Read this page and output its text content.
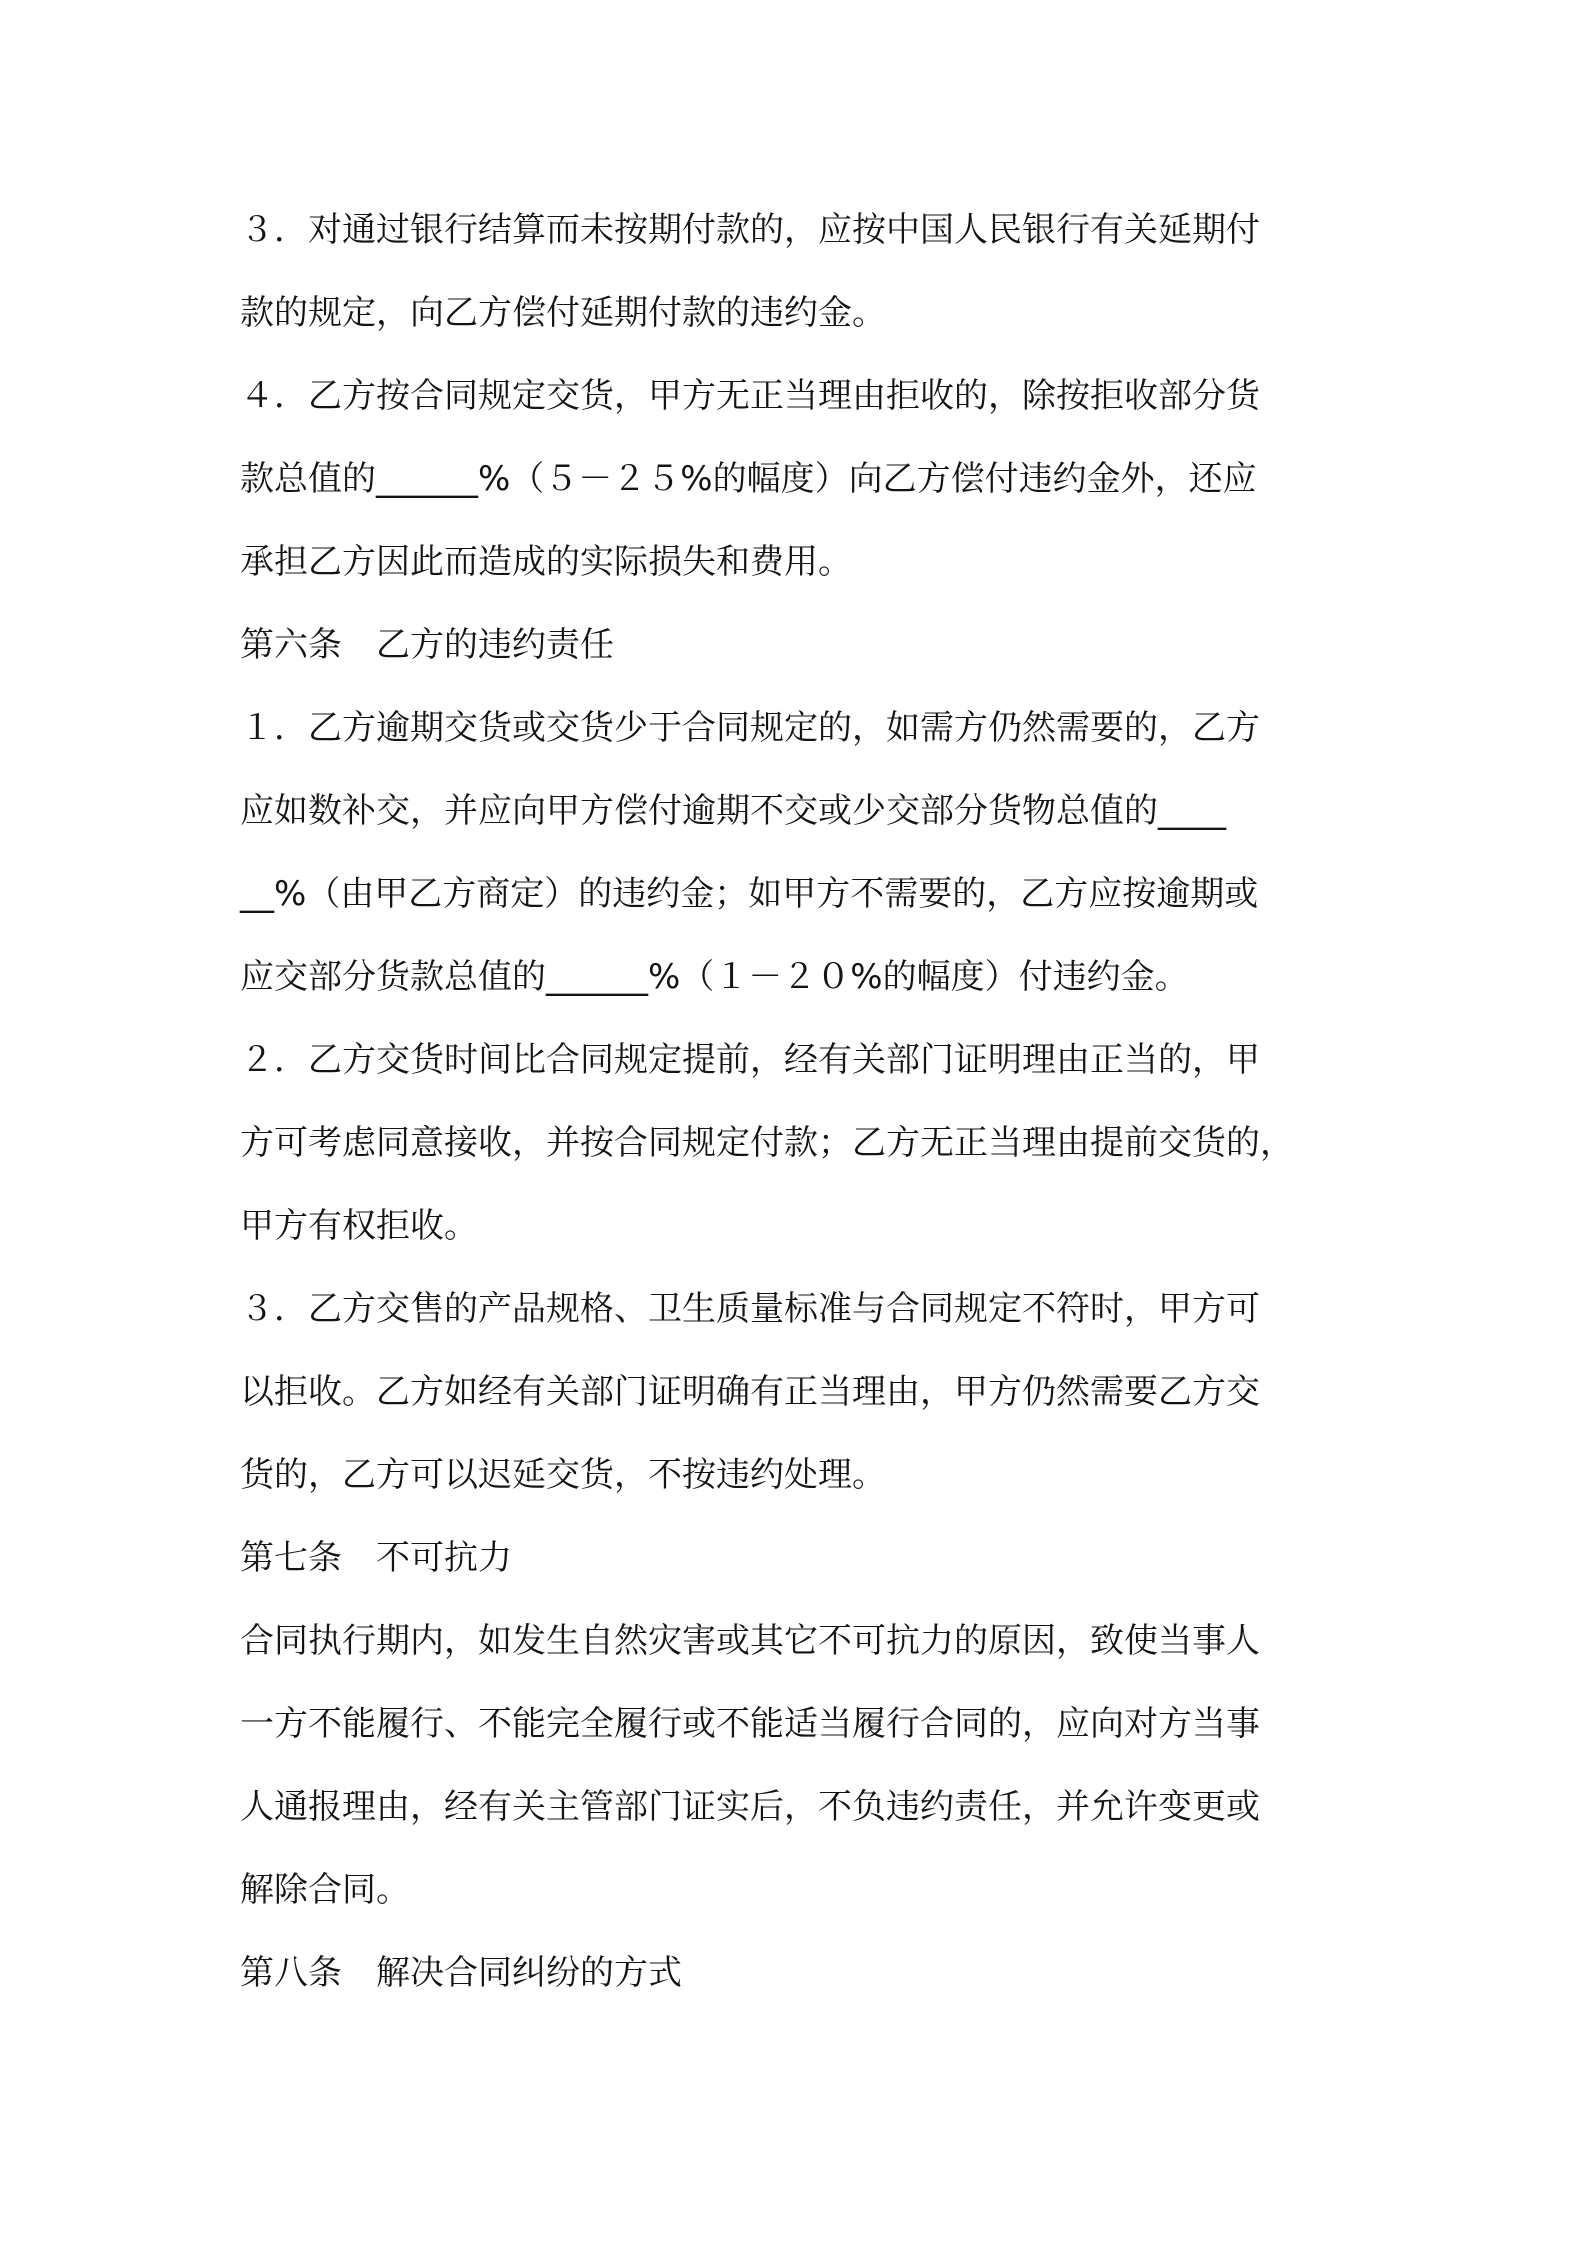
３．对通过银行结算而未按期付款的，应按中国人民银行有关延期付
款的规定，向乙方偿付延期付款的违约金。
４．乙方按合同规定交货，甲方无正当理由拒收的，除按拒收部分货
款总值的______%（５－２５%的幅度）向乙方偿付违约金外，还应
承担乙方因此而造成的实际损失和费用。
第六条　乙方的违约责任
１．乙方逾期交货或交货少于合同规定的，如需方仍然需要的，乙方
应如数补交，并应向甲方偿付逾期不交或少交部分货物总值的____
__%（由甲乙方商定）的违约金；如甲方不需要的，乙方应按逾期或
应交部分货款总值的______%（１－２０%的幅度）付违约金。
２．乙方交货时间比合同规定提前，经有关部门证明理由正当的，甲
方可考虑同意接收，并按合同规定付款；乙方无正当理由提前交货的，
甲方有权拒收。
３．乙方交售的产品规格、卫生质量标准与合同规定不符时，甲方可
以拒收。乙方如经有关部门证明确有正当理由，甲方仍然需要乙方交
货的，乙方可以迟延交货，不按违约处理。
第七条　不可抗力
合同执行期内，如发生自然灾害或其它不可抗力的原因，致使当事人
一方不能履行、不能完全履行或不能适当履行合同的，应向对方当事
人通报理由，经有关主管部门证实后，不负违约责任，并允许变更或
解除合同。
第八条　解决合同纠纷的方式
